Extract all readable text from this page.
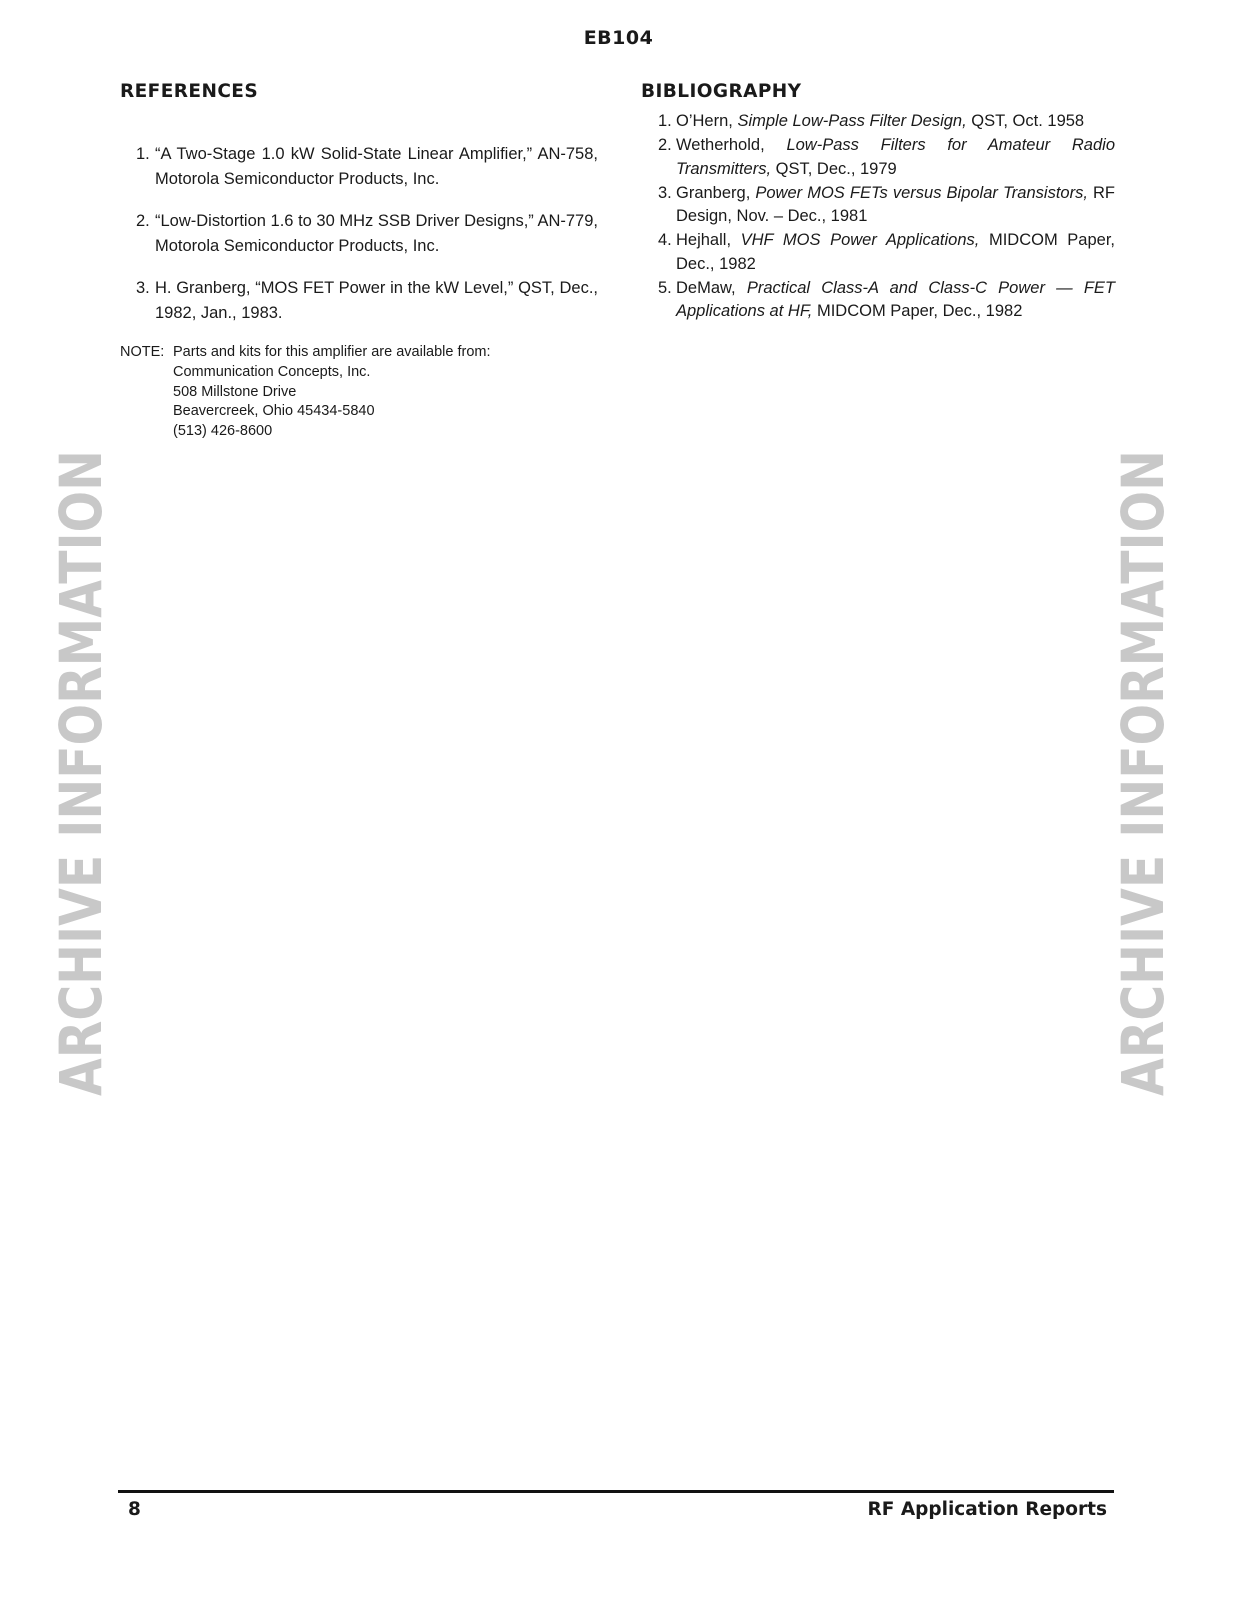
EB104
REFERENCES
1. “A Two-Stage 1.0 kW Solid-State Linear Amplifier,” AN-758, Motorola Semiconductor Products, Inc.
2. “Low-Distortion 1.6 to 30 MHz SSB Driver Designs,” AN-779, Motorola Semiconductor Products, Inc.
3. H. Granberg, “MOS FET Power in the kW Level,” QST, Dec., 1982, Jan., 1983.
NOTE: Parts and kits for this amplifier are available from:
Communication Concepts, Inc.
508 Millstone Drive
Beavercreek, Ohio 45434-5840
(513) 426-8600
BIBLIOGRAPHY
1. O’Hern, Simple Low-Pass Filter Design, QST, Oct. 1958
2. Wetherhold, Low-Pass Filters for Amateur Radio Transmitters, QST, Dec., 1979
3. Granberg, Power MOS FETs versus Bipolar Transistors, RF Design, Nov. – Dec., 1981
4. Hejhall, VHF MOS Power Applications, MIDCOM Paper, Dec., 1982
5. DeMaw, Practical Class-A and Class-C Power — FET Applications at HF, MIDCOM Paper, Dec., 1982
ARCHIVE INFORMATION	ARCHIVE INFORMATION
8	RF Application Reports
